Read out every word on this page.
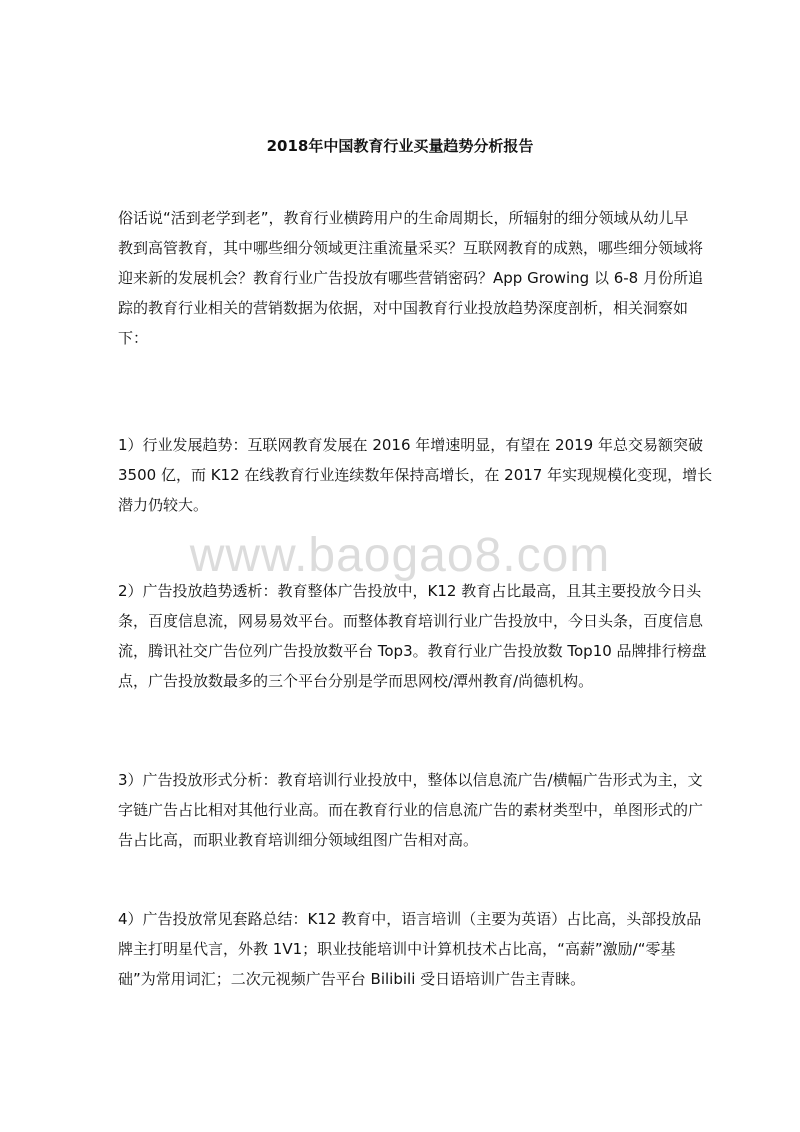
2018年中国教育行业买量趋势分析报告
俗话说“活到老学到老”，教育行业横跨用户的生命周期长，所辐射的细分领域从幼儿早
教到高管教育，其中哪些细分领域更注重流量采买？互联网教育的成熟，哪些细分领域将
迎来新的发展机会？教育行业广告投放有哪些营销密码？App Growing 以 6-8 月份所追
踪的教育行业相关的营销数据为依据，对中国教育行业投放趋势深度剖析，相关洞察如
下：
1）行业发展趋势：互联网教育发展在 2016 年增速明显，有望在 2019 年总交易额突破
3500 亿，而 K12 在线教育行业连续数年保持高增长，在 2017 年实现规模化变现，增长
潜力仍较大。
www.baogao8.com
2）广告投放趋势透析：教育整体广告投放中，K12 教育占比最高，且其主要投放今日头
条，百度信息流，网易易效平台。而整体教育培训行业广告投放中，今日头条，百度信息
流，腾讯社交广告位列广告投放数平台 Top3。教育行业广告投放数 Top10 品牌排行榜盘
点，广告投放数最多的三个平台分别是学而思网校/潭州教育/尚德机构。
3）广告投放形式分析：教育培训行业投放中，整体以信息流广告/横幅广告形式为主，文
字链广告占比相对其他行业高。而在教育行业的信息流广告的素材类型中，单图形式的广
告占比高，而职业教育培训细分领域组图广告相对高。
4）广告投放常见套路总结：K12 教育中，语言培训（主要为英语）占比高，头部投放品
牌主打明星代言，外教 1V1；职业技能培训中计算机技术占比高，“高薪”激励/“零基
础”为常用词汇；二次元视频广告平台 Bilibili 受日语培训广告主青睐。
